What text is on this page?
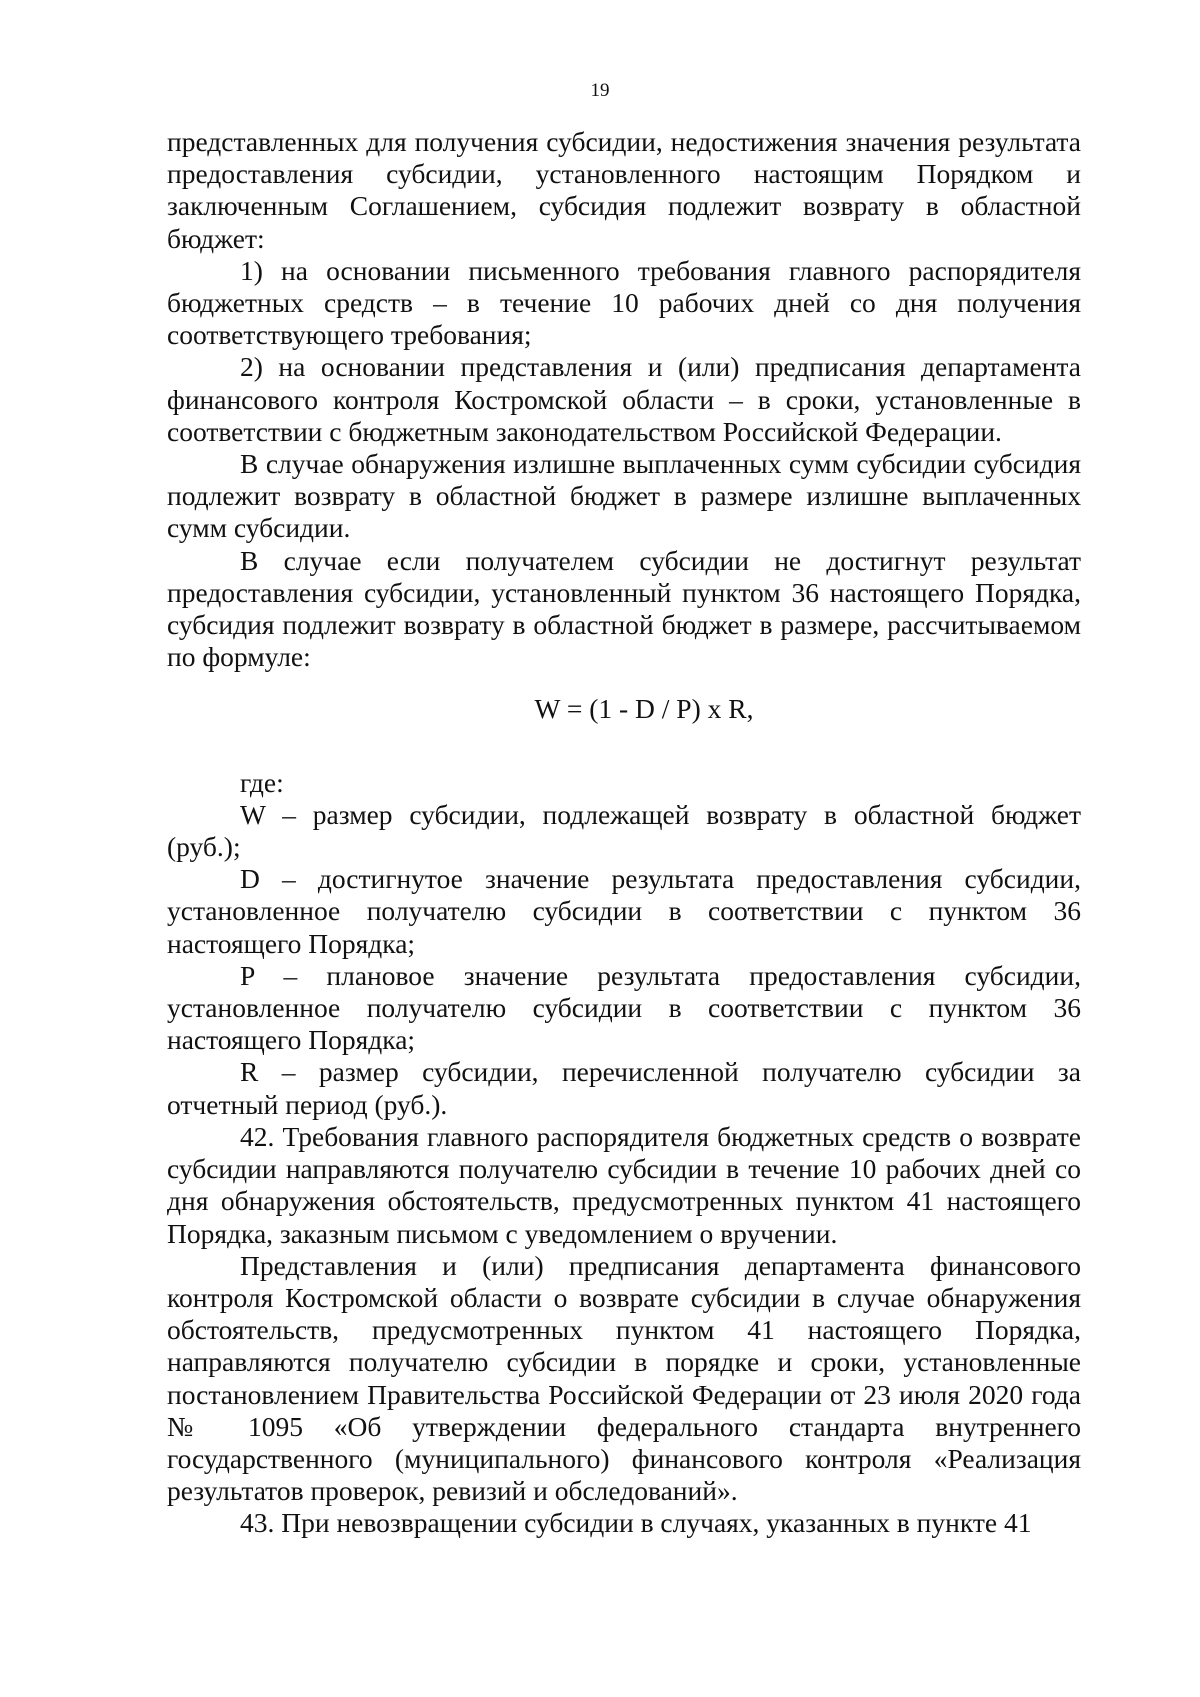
19

представленных для получения субсидии, недостижения значения результата предоставления субсидии, установленного настоящим Порядком и заключенным Соглашением, субсидия подлежит возврату в областной бюджет:

1) на основании письменного требования главного распорядителя бюджетных средств – в течение 10 рабочих дней со дня получения соответствующего требования;

2) на основании представления и (или) предписания департамента финансового контроля Костромской области – в сроки, установленные в соответствии с бюджетным законодательством Российской Федерации.

В случае обнаружения излишне выплаченных сумм субсидии субсидия подлежит возврату в областной бюджет в размере излишне выплаченных сумм субсидии.

В случае если получателем субсидии не достигнут результат предоставления субсидии, установленный пунктом 36 настоящего Порядка, субсидия подлежит возврату в областной бюджет в размере, рассчитываемом по формуле:

W = (1 - D / P) x R,

где:

W – размер субсидии, подлежащей возврату в областной бюджет (руб.);

D – достигнутое значение результата предоставления субсидии, установленное получателю субсидии в соответствии с пунктом 36 настоящего Порядка;

P – плановое значение результата предоставления субсидии, установленное получателю субсидии в соответствии с пунктом 36 настоящего Порядка;

R – размер субсидии, перечисленной получателю субсидии за отчетный период (руб.).

42. Требования главного распорядителя бюджетных средств о возврате субсидии направляются получателю субсидии в течение 10 рабочих дней со дня обнаружения обстоятельств, предусмотренных пунктом 41 настоящего Порядка, заказным письмом с уведомлением о вручении.

Представления и (или) предписания департамента финансового контроля Костромской области о возврате субсидии в случае обнаружения обстоятельств, предусмотренных пунктом 41 настоящего Порядка, направляются получателю субсидии в порядке и сроки, установленные постановлением Правительства Российской Федерации от 23 июля 2020 года № 1095 «Об утверждении федерального стандарта внутреннего государственного (муниципального) финансового контроля «Реализация результатов проверок, ревизий и обследований».

43. При невозвращении субсидии в случаях, указанных в пункте 41
